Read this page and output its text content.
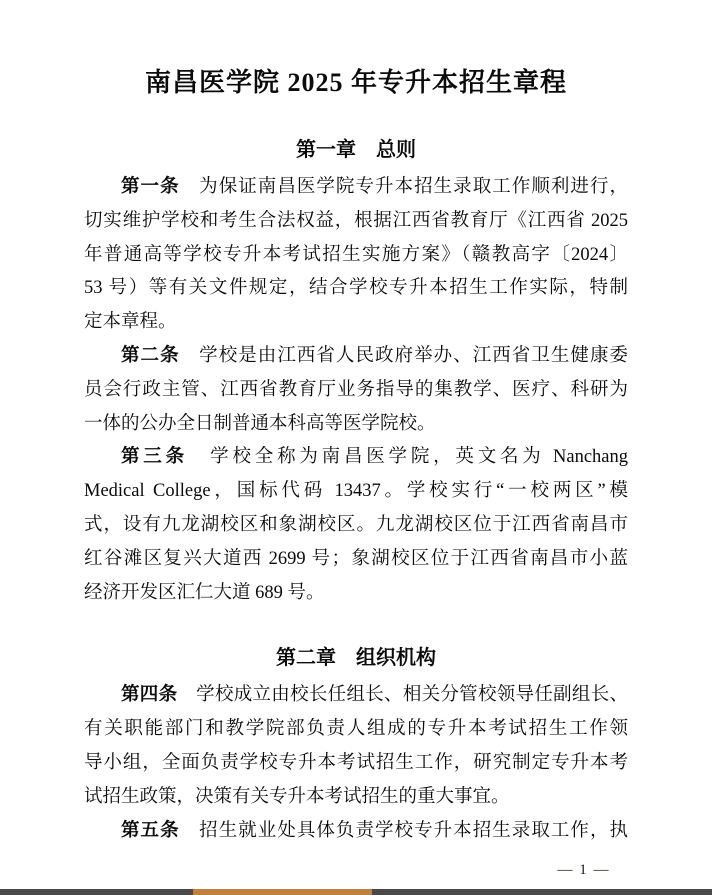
南昌医学院 2025 年专升本招生章程
第一章　总则
第一条　为保证南昌医学院专升本招生录取工作顺利进行，
切实维护学校和考生合法权益，根据江西省教育厅《江西省 2025
年普通高等学校专升本考试招生实施方案》（赣教高字〔2024〕
53 号）等有关文件规定，结合学校专升本招生工作实际，特制
定本章程。
第二条　学校是由江西省人民政府举办、江西省卫生健康委
员会行政主管、江西省教育厅业务指导的集教学、医疗、科研为
一体的公办全日制普通本科高等医学院校。
第三条　学校全称为南昌医学院，英文名为 Nanchang
Medical College，国标代码 13437。学校实行“一校两区”模
式，设有九龙湖校区和象湖校区。九龙湖校区位于江西省南昌市
红谷滩区复兴大道西 2699 号；象湖校区位于江西省南昌市小蓝
经济开发区汇仁大道 689 号。
第二章　组织机构
第四条　学校成立由校长任组长、相关分管校领导任副组长、
有关职能部门和教学院部负责人组成的专升本考试招生工作领
导小组，全面负责学校专升本考试招生工作，研究制定专升本考
试招生政策，决策有关专升本考试招生的重大事宜。
第五条　招生就业处具体负责学校专升本招生录取工作，执
— 1 —
